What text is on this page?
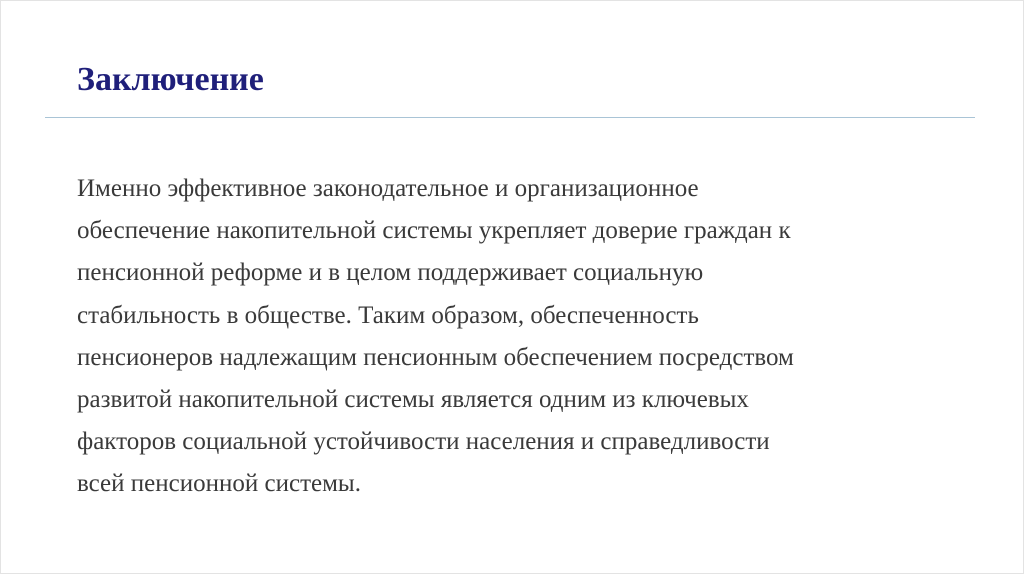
Заключение

Именно эффективное законодательное и организационное
обеспечение накопительной системы укрепляет доверие граждан к
пенсионной реформе и в целом поддерживает социальную
стабильность в обществе. Таким образом, обеспеченность
пенсионеров надлежащим пенсионным обеспечением посредством
развитой накопительной системы является одним из ключевых
факторов социальной устойчивости населения и справедливости
всей пенсионной системы.
